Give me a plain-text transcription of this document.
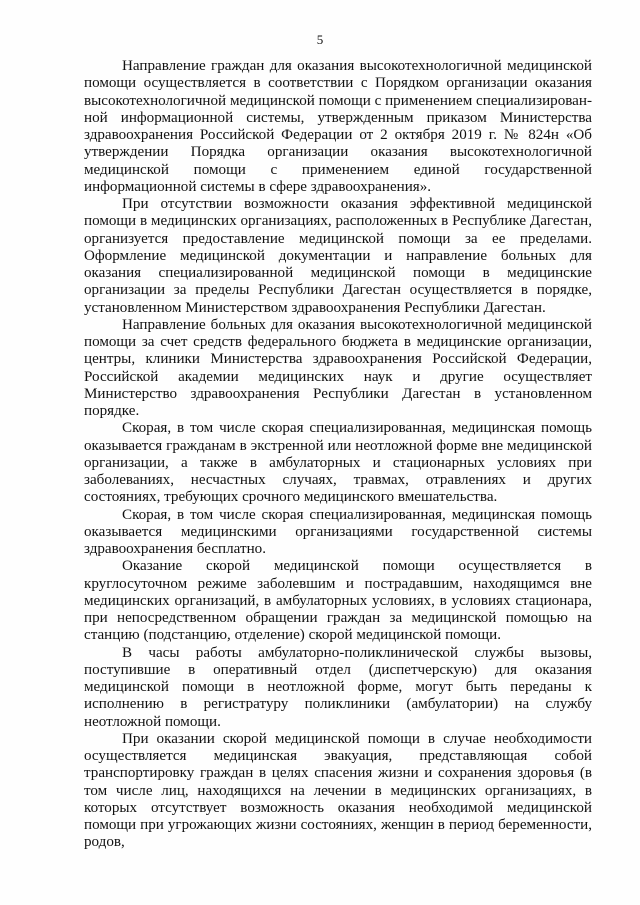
5

Направление граждан для оказания высокотехнологичной медицинской помощи осуществляется в соответствии с Порядком организации оказания высокотехнологичной медицинской помощи с применением специализированной информационной системы, утвержденным приказом Министерства здравоохранения Российской Федерации от 2 октября 2019 г. № 824н «Об утверждении Порядка организации оказания высокотехнологичной медицинской помощи с применением единой государственной информационной системы в сфере здравоохранения».

При отсутствии возможности оказания эффективной медицинской помощи в медицинских организациях, расположенных в Республике Дагестан, организуется предоставление медицинской помощи за ее пределами. Оформление медицинской документации и направление больных для оказания специализированной медицинской помощи в медицинские организации за пределы Республики Дагестан осуществляется в порядке, установленном Министерством здравоохранения Республики Дагестан.

Направление больных для оказания высокотехнологичной медицинской помощи за счет средств федерального бюджета в медицинские организации, центры, клиники Министерства здравоохранения Российской Федерации, Российской академии медицинских наук и другие осуществляет Министерство здравоохранения Республики Дагестан в установленном порядке.

Скорая, в том числе скорая специализированная, медицинская помощь оказывается гражданам в экстренной или неотложной форме вне медицинской организации, а также в амбулаторных и стационарных условиях при заболеваниях, несчастных случаях, травмах, отравлениях и других состояниях, требующих срочного медицинского вмешательства.

Скорая, в том числе скорая специализированная, медицинская помощь оказывается медицинскими организациями государственной системы здравоохранения бесплатно.

Оказание скорой медицинской помощи осуществляется в круглосуточном режиме заболевшим и пострадавшим, находящимся вне медицинских организаций, в амбулаторных условиях, в условиях стационара, при непосредственном обращении граждан за медицинской помощью на станцию (подстанцию, отделение) скорой медицинской помощи.

В часы работы амбулаторно-поликлинической службы вызовы, поступившие в оперативный отдел (диспетчерскую) для оказания медицинской помощи в неотложной форме, могут быть переданы к исполнению в регистратуру поликлиники (амбулатории) на службу неотложной помощи.

При оказании скорой медицинской помощи в случае необходимости осуществляется медицинская эвакуация, представляющая собой транспортировку граждан в целях спасения жизни и сохранения здоровья (в том числе лиц, находящихся на лечении в медицинских организациях, в которых отсутствует возможность оказания необходимой медицинской помощи при угрожающих жизни состояниях, женщин в период беременности, родов,
